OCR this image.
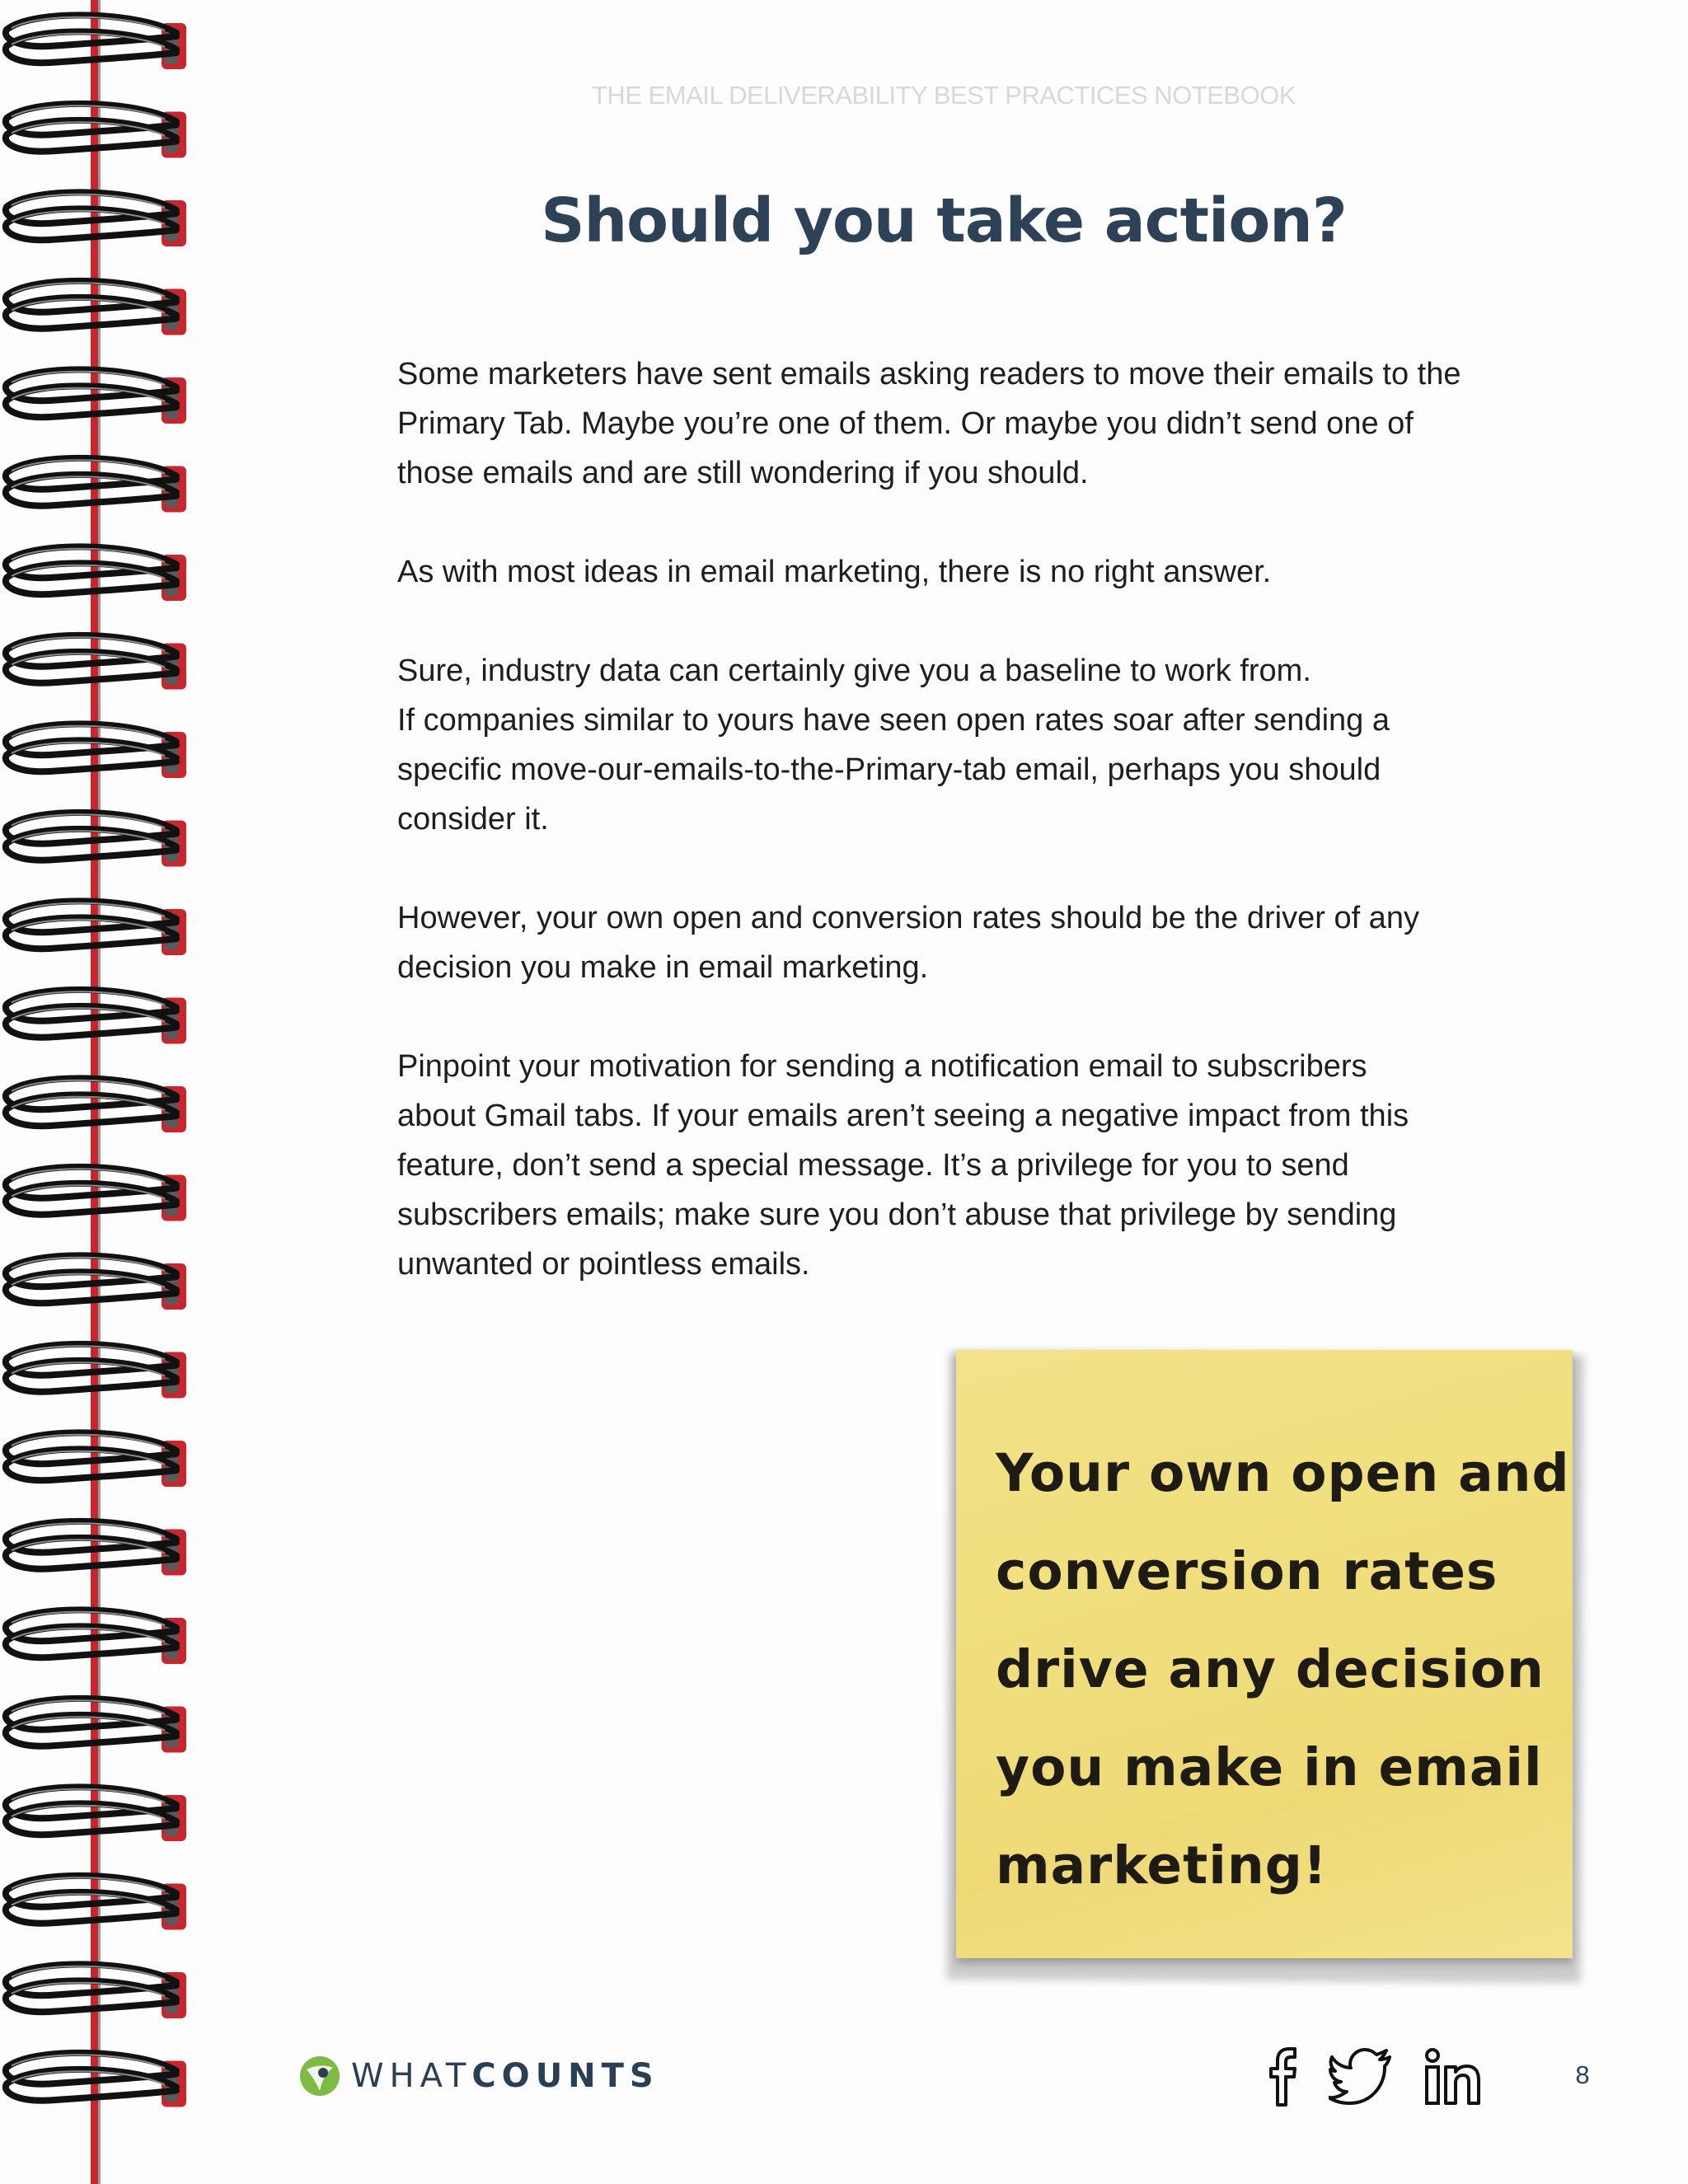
THE EMAIL DELIVERABILITY BEST PRACTICES NOTEBOOK
Should you take action?

Some marketers have sent emails asking readers to move their emails to the
Primary Tab. Maybe you’re one of them. Or maybe you didn’t send one of
those emails and are still wondering if you should.

As with most ideas in email marketing, there is no right answer.

Sure, industry data can certainly give you a baseline to work from.
If companies similar to yours have seen open rates soar after sending a
specific move-our-emails-to-the-Primary-tab email, perhaps you should
consider it.

However, your own open and conversion rates should be the driver of any
decision you make in email marketing.

Pinpoint your motivation for sending a notification email to subscribers
about Gmail tabs. If your emails aren’t seeing a negative impact from this
feature, don’t send a special message. It’s a privilege for you to send
subscribers emails; make sure you don’t abuse that privilege by sending
unwanted or pointless emails.

Your own open and
conversion rates
drive any decision
you make in email
marketing!
WHATCOUNTS	8
